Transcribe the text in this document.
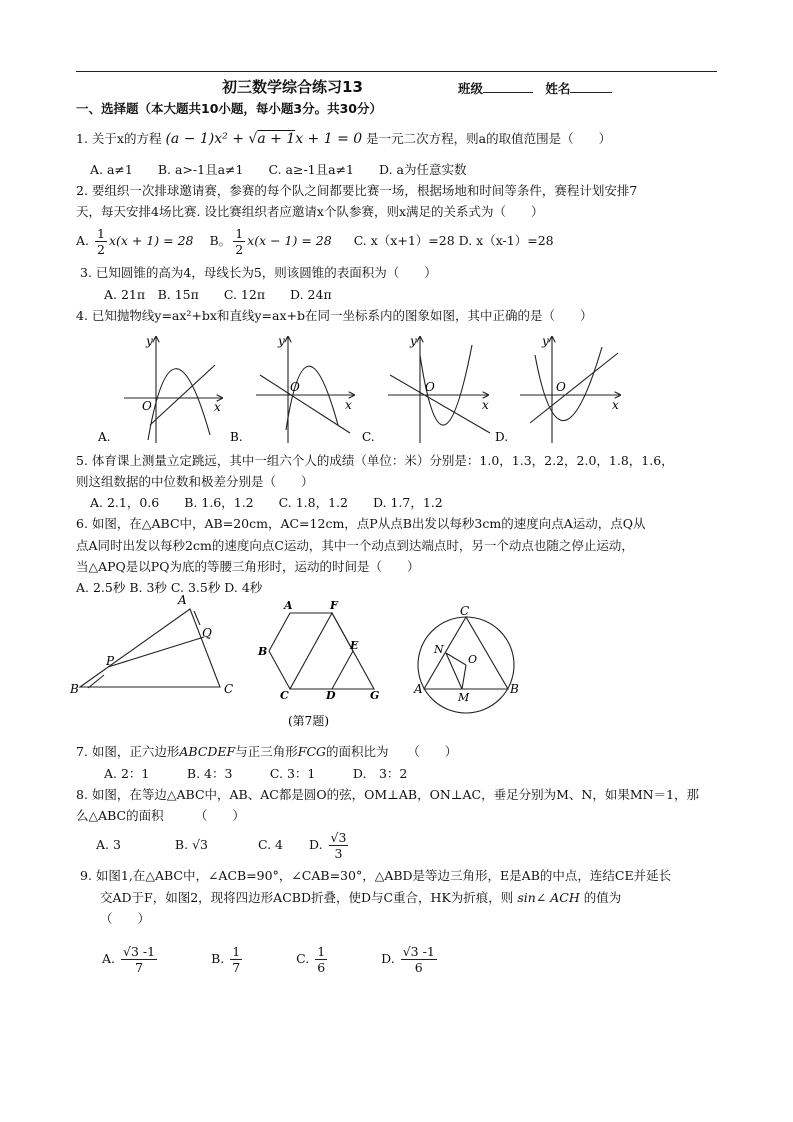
初三数学综合练习13	班级	姓名
一、选择题（本大题共10小题，每小题3分。共30分）
1. 关于x的方程 (a − 1)x² + √a + 1x + 1 = 0 是一元二次方程，则a的取值范围是（　　）
A. a≠1　　B. a>-1且a≠1　　C. a≥-1且a≠1　　D. a为任意实数
2. 要组织一次排球邀请赛，参赛的每个队之间都要比赛一场，根据场地和时间等条件，赛程计划安排7
天，每天安排4场比赛. 设比赛组织者应邀请x个队参赛，则x满足的关系式为（　　）
A. $\frac{1}{2} x(x + 1) = 28$ B。 $\frac{1}{2} x(x - 1) = 28$ C. x（x+1）=28 D. x（x-1）=28
3. 已知圆锥的高为4，母线长为5，则该圆锥的表面积为（　　）
A. 21π　B. 15π　　C. 12π　　D. 24π
4. 已知抛物线y=ax²+bx和直线y=ax+b在同一坐标系内的图象如图，其中正确的是（　　）
y
x
O
A.
y
x
O
B.
y
x
O
C.
y
x
O
D.
5. 体育课上测量立定跳远，其中一组六个人的成绩（单位：米）分别是：1.0，1.3，2.2，2.0，1.8，1.6，
则这组数据的中位数和极差分别是（　　）
A. 2.1，0.6　　B. 1.6，1.2　　C. 1.8，1.2　　D. 1.7，1.2
6. 如图，在△ABC中，AB=20cm，AC=12cm，点P从点B出发以每秒3cm的速度向点A运动，点Q从
点A同时出发以每秒2cm的速度向点C运动，其中一个动点到达端点时，另一个动点也随之停止运动，
当△APQ是以PQ为底的等腰三角形时，运动的时间是（　　）
A. 2.5秒 B. 3秒 C. 3.5秒 D. 4秒
A
B	C
P
Q
A	F
B	E
C	D	G
(第7题)
C
N
O
A
M
B
7. 如图，正六边形ABCDEF与正三角形FCG的面积比为　　（　　）
A. 2：1　　　B. 4：3　　　C. 3：1　　　D.　3：2
8. 如图，在等边△ABC中，AB、AC都是圆O的弦，OM⊥AB，ON⊥AC，垂足分别为M、N，如果MN＝1，那
么△ABC的面积　　　（　　）
A. 3	B. √3	C. 4 D. $\frac{√3}{3}$
9. 如图1,在△ABC中，∠ACB=90°，∠CAB=30°，△ABD是等边三角形，E是AB的中点，连结CE并延长
交AD于F，如图2，现将四边形ACBD折叠，使D与C重合，HK为折痕，则 sin∠ ACH 的值为
（　　）
A. $\frac{√3 -1}{7}$	B. $\frac{1}{7}$	C. $\frac{1}{6}$	D. $\frac{√3 -1}{6}$
